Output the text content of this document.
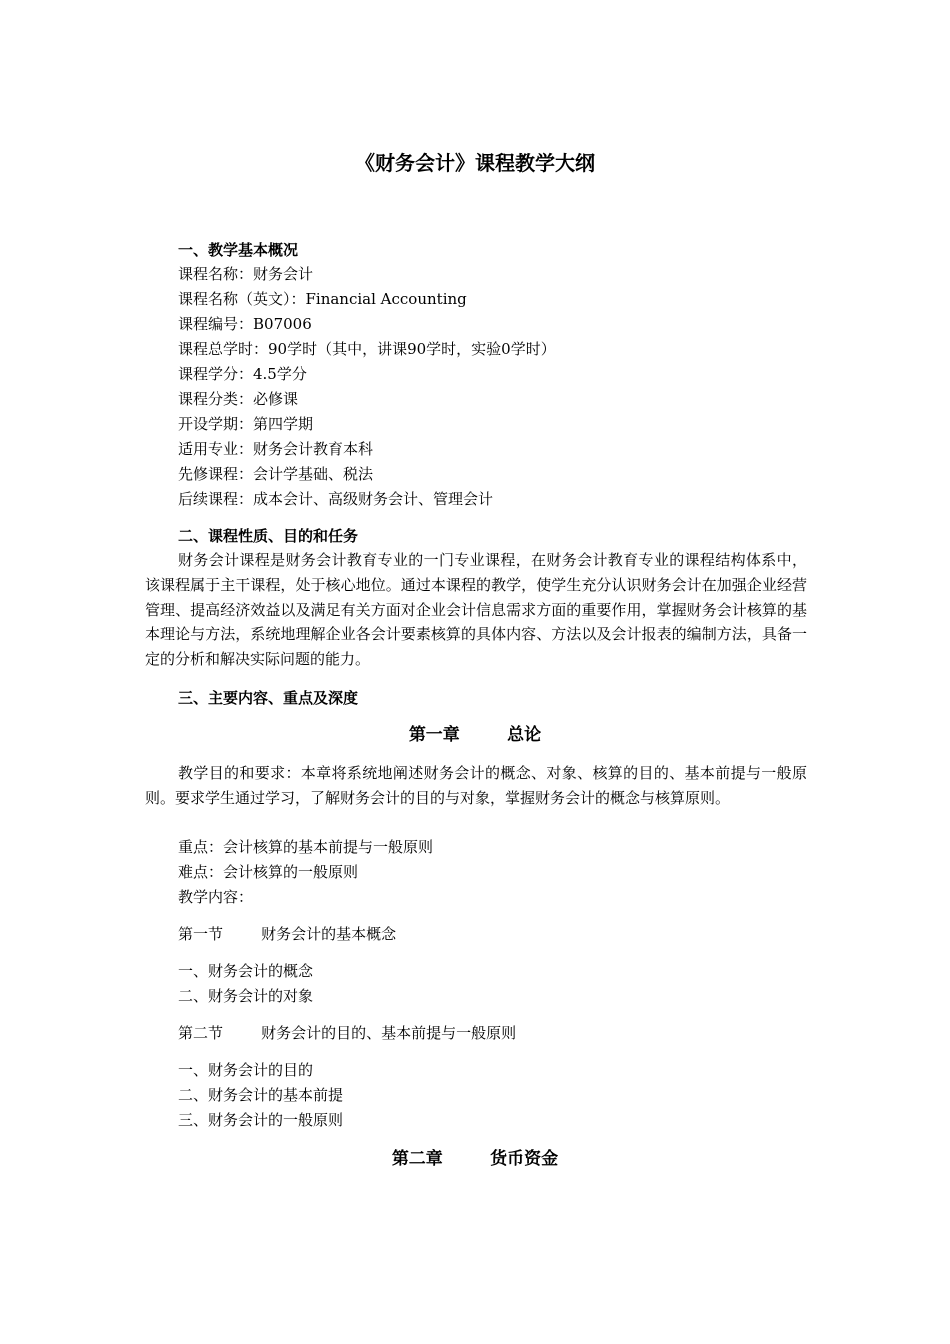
《财务会计》课程教学大纲
一、教学基本概况
课程名称：财务会计
课程名称（英文）：Financial Accounting
课程编号：B07006
课程总学时：90学时（其中，讲课90学时，实验0学时）
课程学分：4.5学分
课程分类：必修课
开设学期：第四学期
适用专业：财务会计教育本科
先修课程：会计学基础、税法
后续课程：成本会计、高级财务会计、管理会计
二、课程性质、目的和任务
财务会计课程是财务会计教育专业的一门专业课程，在财务会计教育专业的课程结构体系中，该课程属于主干课程，处于核心地位。通过本课程的教学，使学生充分认识财务会计在加强企业经营管理、提高经济效益以及满足有关方面对企业会计信息需求方面的重要作用，掌握财务会计核算的基本理论与方法，系统地理解企业各会计要素核算的具体内容、方法以及会计报表的编制方法，具备一定的分析和解决实际问题的能力。
三、主要内容、重点及深度
第一章        总论
教学目的和要求：本章将系统地阐述财务会计的概念、对象、核算的目的、基本前提与一般原则。要求学生通过学习，了解财务会计的目的与对象，掌握财务会计的概念与核算原则。
重点：会计核算的基本前提与一般原则
难点：会计核算的一般原则
教学内容：
第一节        财务会计的基本概念
一、财务会计的概念
二、财务会计的对象
第二节        财务会计的目的、基本前提与一般原则
一、财务会计的目的
二、财务会计的基本前提
三、财务会计的一般原则
第二章        货币资金
